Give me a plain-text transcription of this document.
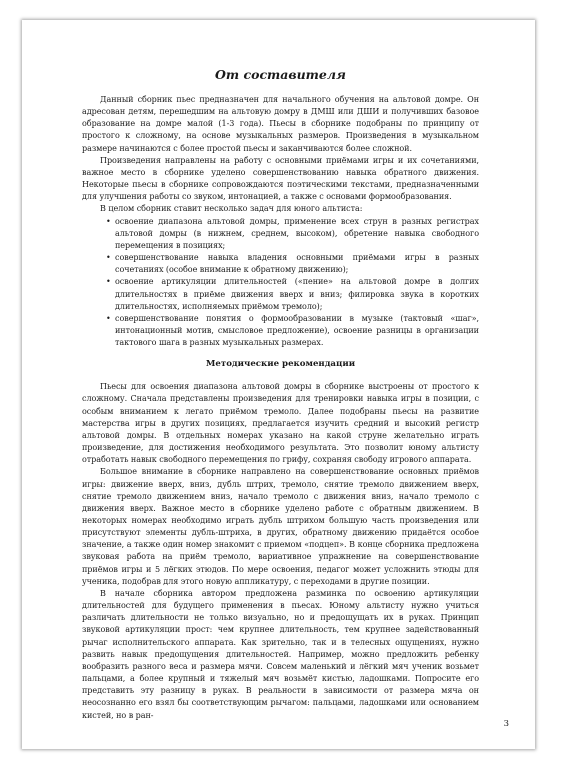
От составителя

Данный сборник пьес предназначен для начального обучения на альтовой домре. Он адресован детям, перешедшим на альтовую домру в ДМШ или ДШИ и получивших базовое образование на домре малой (1-3 года). Пьесы в сборнике подобраны по принципу от простого к сложному, на основе музыкальных размеров. Произведения в музыкальном размере начинаются с более простой пьесы и заканчиваются более сложной.

Произведения направлены на работу с основными приёмами игры и их сочетаниями, важное место в сборнике уделено совершенствованию навыка обратного движения. Некоторые пьесы в сборнике сопровождаются поэтическими текстами, предназначенными для улучшения работы со звуком, интонацией, а также с основами формообразования.

В целом сборник ставит несколько задач для юного альтиста:

• освоение диапазона альтовой домры, применение всех струн в разных регистрах альтовой домры (в нижнем, среднем, высоком), обретение навыка свободного перемещения в позициях;
• совершенствование навыка владения основными приёмами игры в разных сочетаниях (особое внимание к обратному движению);
• освоение артикуляции длительностей («пение» на альтовой домре в долгих длительностях в приёме движения вверх и вниз; филировка звука в коротких длительностях, исполняемых приёмом тремоло);
• совершенствование понятия о формообразовании в музыке (тактовый «шаг», интонационный мотив, смысловое предложение), освоение разницы в организации тактового шага в разных музыкальных размерах.
Методические рекомендации

Пьесы для освоения диапазона альтовой домры в сборнике выстроены от простого к сложному. Сначала представлены произведения для тренировки навыка игры в позиции, с особым вниманием к легато приёмом тремоло. Далее подобраны пьесы на развитие мастерства игры в других позициях, предлагается изучить средний и высокий регистр альтовой домры. В отдельных номерах указано на какой струне желательно играть произведение, для достижения необходимого результата. Это позволит юному альтисту отработать навык свободного перемещения по грифу, сохраняя свободу игрового аппарата.

Большое внимание в сборнике направлено на совершенствование основных приёмов игры: движение вверх, вниз, дубль штрих, тремоло, снятие тремоло движением вверх, снятие тремоло движением вниз, начало тремоло с движения вниз, начало тремоло с движения вверх. Важное место в сборнике уделено работе с обратным движением. В некоторых номерах необходимо играть дубль штрихом большую часть произведения или присутствуют элементы дубль-штриха, в других, обратному движению придаётся особое значение, а также один номер знакомит с приемом «подцеп». В конце сборника предложена звуковая работа на приём тремоло, вариативное упражнение на совершенствование приёмов игры и 5 лёгких этюдов. По мере освоения, педагог может усложнить этюды для ученика, подобрав для этого новую аппликатуру, с переходами в другие позиции.

В начале сборника автором предложена разминка по освоению артикуляции длительностей для будущего применения в пьесах. Юному альтисту нужно учиться различать длительности не только визуально, но и предощущать их в руках. Принцип звуковой артикуляции прост: чем крупнее длительность, тем крупнее задействованный рычаг исполнительского аппарата. Как зрительно, так и в телесных ощущениях, нужно развить навык предощущения длительностей. Например, можно предложить ребенку вообразить разного веса и размера мячи. Совсем маленький и лёгкий мяч ученик возьмет пальцами, а более крупный и тяжелый мяч возьмёт кистью, ладошками. Попросите его представить эту разницу в руках. В реальности в зависимости от размера мяча он неосознанно его взял бы соответствующим рычагом: пальцами, ладошками или основанием кистей, но в ран-

3
